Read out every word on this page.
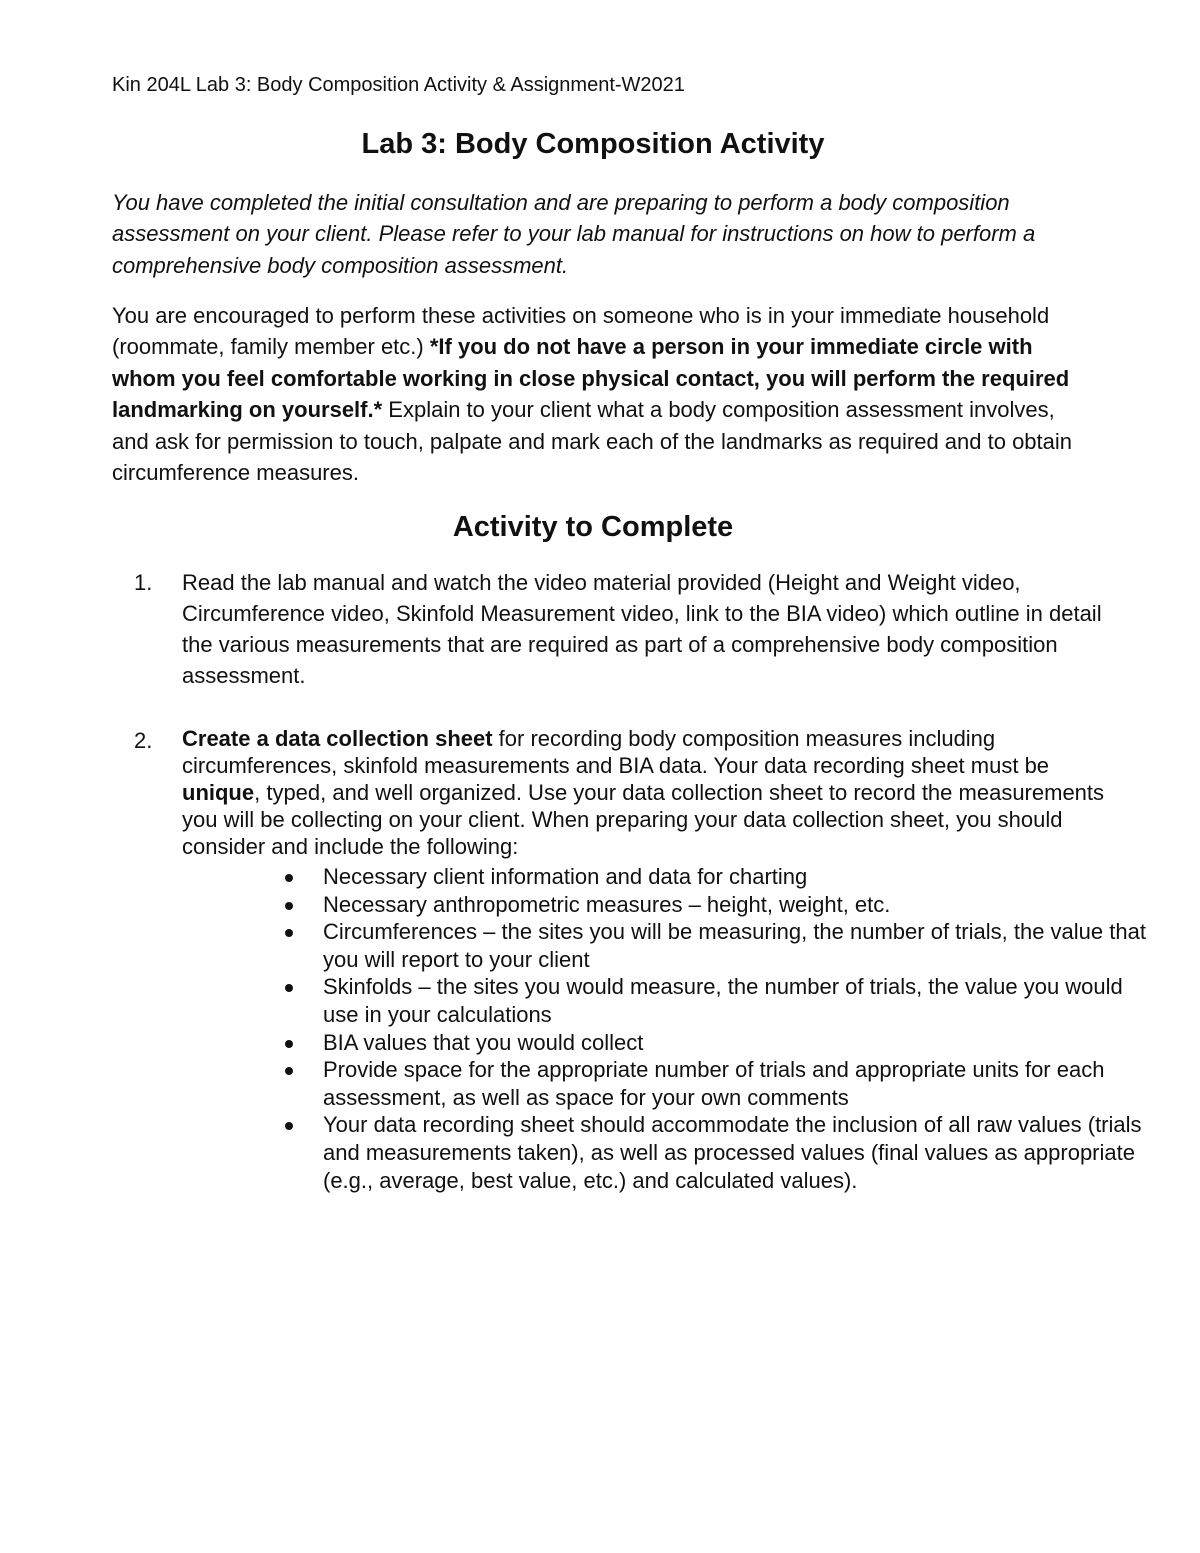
Kin 204L Lab 3: Body Composition Activity & Assignment-W2021
Lab 3: Body Composition Activity
You have completed the initial consultation and are preparing to perform a body composition assessment on your client. Please refer to your lab manual for instructions on how to perform a comprehensive body composition assessment.
You are encouraged to perform these activities on someone who is in your immediate household (roommate, family member etc.) *If you do not have a person in your immediate circle with whom you feel comfortable working in close physical contact, you will perform the required landmarking on yourself.* Explain to your client what a body composition assessment involves, and ask for permission to touch, palpate and mark each of the landmarks as required and to obtain circumference measures.
Activity to Complete
1. Read the lab manual and watch the video material provided (Height and Weight video, Circumference video, Skinfold Measurement video, link to the BIA video) which outline in detail the various measurements that are required as part of a comprehensive body composition assessment.
2. Create a data collection sheet for recording body composition measures including circumferences, skinfold measurements and BIA data. Your data recording sheet must be unique, typed, and well organized. Use your data collection sheet to record the measurements you will be collecting on your client. When preparing your data collection sheet, you should consider and include the following:
Necessary client information and data for charting
Necessary anthropometric measures – height, weight, etc.
Circumferences – the sites you will be measuring, the number of trials, the value that you will report to your client
Skinfolds – the sites you would measure, the number of trials, the value you would use in your calculations
BIA values that you would collect
Provide space for the appropriate number of trials and appropriate units for each assessment, as well as space for your own comments
Your data recording sheet should accommodate the inclusion of all raw values (trials and measurements taken), as well as processed values (final values as appropriate (e.g., average, best value, etc.) and calculated values).
